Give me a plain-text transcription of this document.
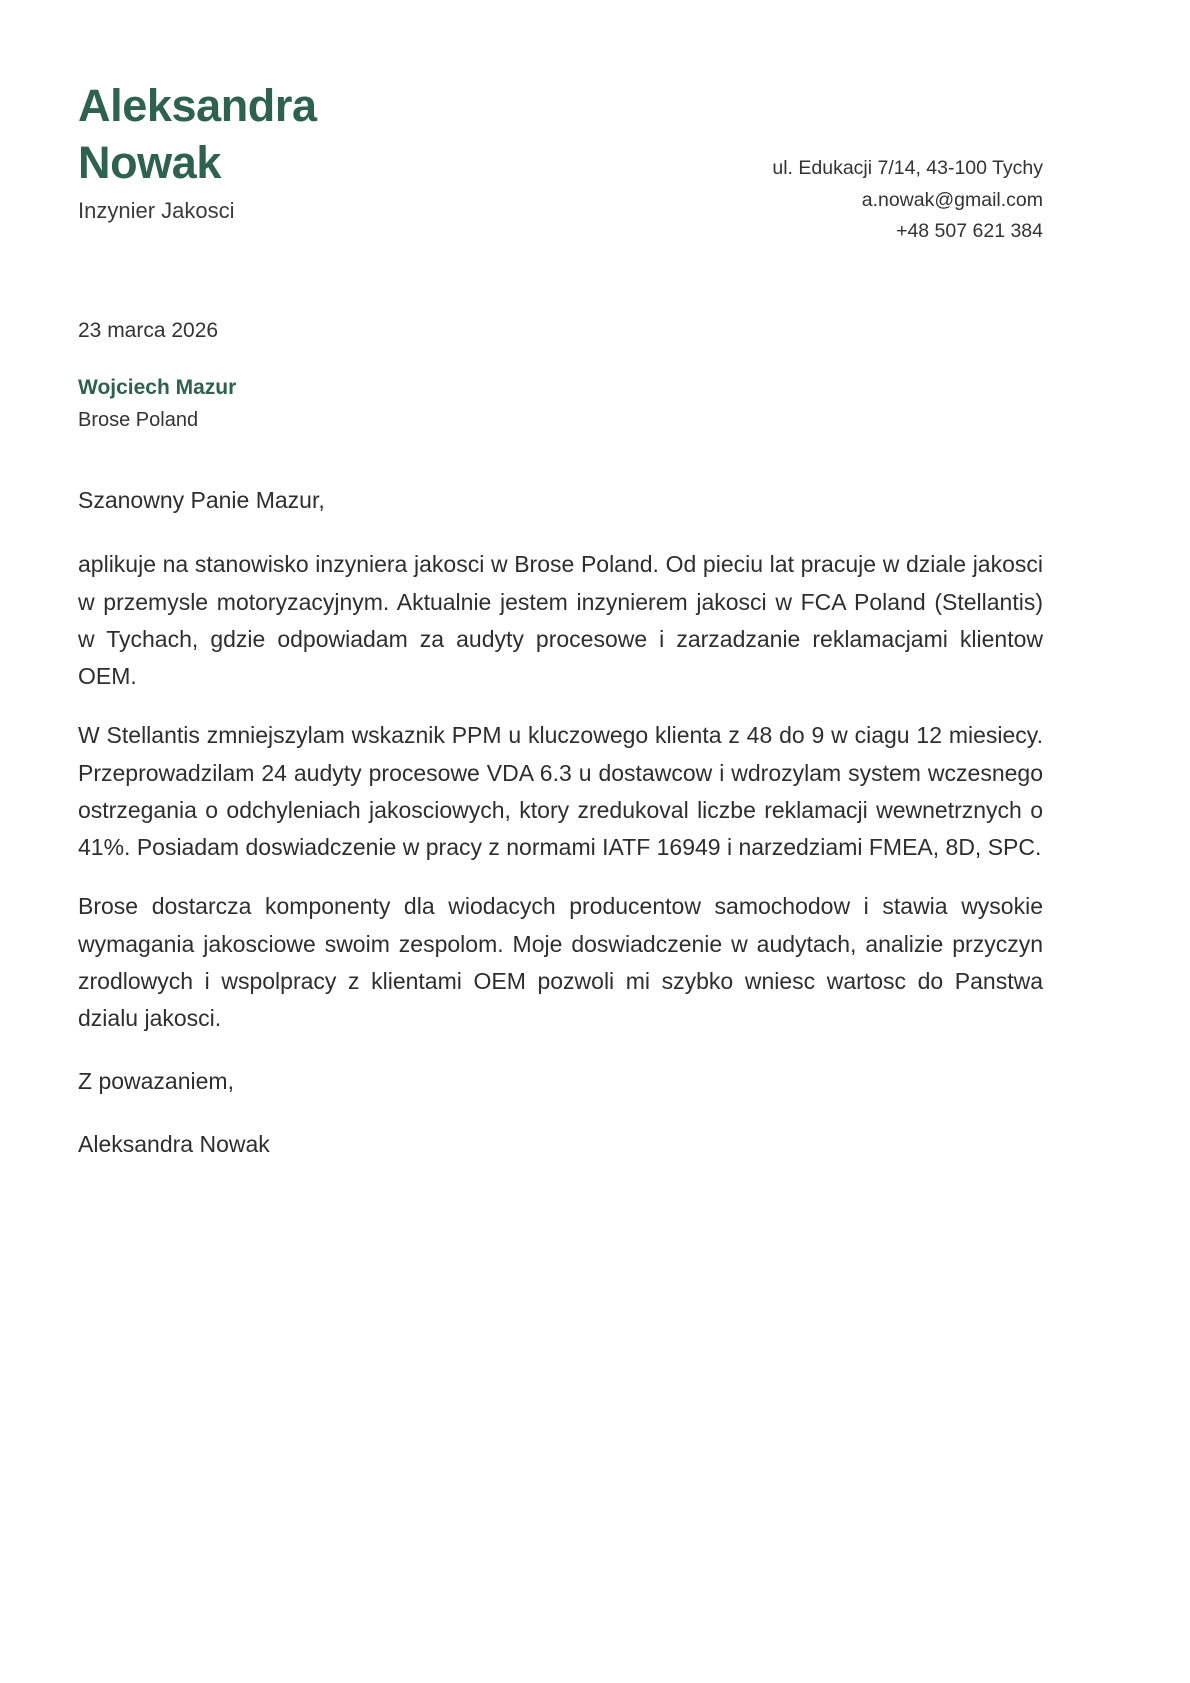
Aleksandra
Nowak
Inzynier Jakosci
ul. Edukacji 7/14, 43-100 Tychy
a.nowak@gmail.com
+48 507 621 384
23 marca 2026
Wojciech Mazur
Brose Poland
Szanowny Panie Mazur,

aplikuje na stanowisko inzyniera jakosci w Brose Poland. Od pieciu lat pracuje w dziale jakosci w przemysle motoryzacyjnym. Aktualnie jestem inzynierem jakosci w FCA Poland (Stellantis) w Tychach, gdzie odpowiadam za audyty procesowe i zarzadzanie reklamacjami klientow OEM.

W Stellantis zmniejszylam wskaznik PPM u kluczowego klienta z 48 do 9 w ciagu 12 miesiecy. Przeprowadzilam 24 audyty procesowe VDA 6.3 u dostawcow i wdrozylam system wczesnego ostrzegania o odchyleniach jakosciowych, ktory zredukoval liczbe reklamacji wewnetrznych o 41%. Posiadam doswiadczenie w pracy z normami IATF 16949 i narzedziami FMEA, 8D, SPC.

Brose dostarcza komponenty dla wiodacych producentow samochodow i stawia wysokie wymagania jakosciowe swoim zespolom. Moje doswiadczenie w audytach, analizie przyczyn zrodlowych i wspolpracy z klientami OEM pozwoli mi szybko wniesc wartosc do Panstwa dzialu jakosci.

Z powazaniem,
Aleksandra Nowak
